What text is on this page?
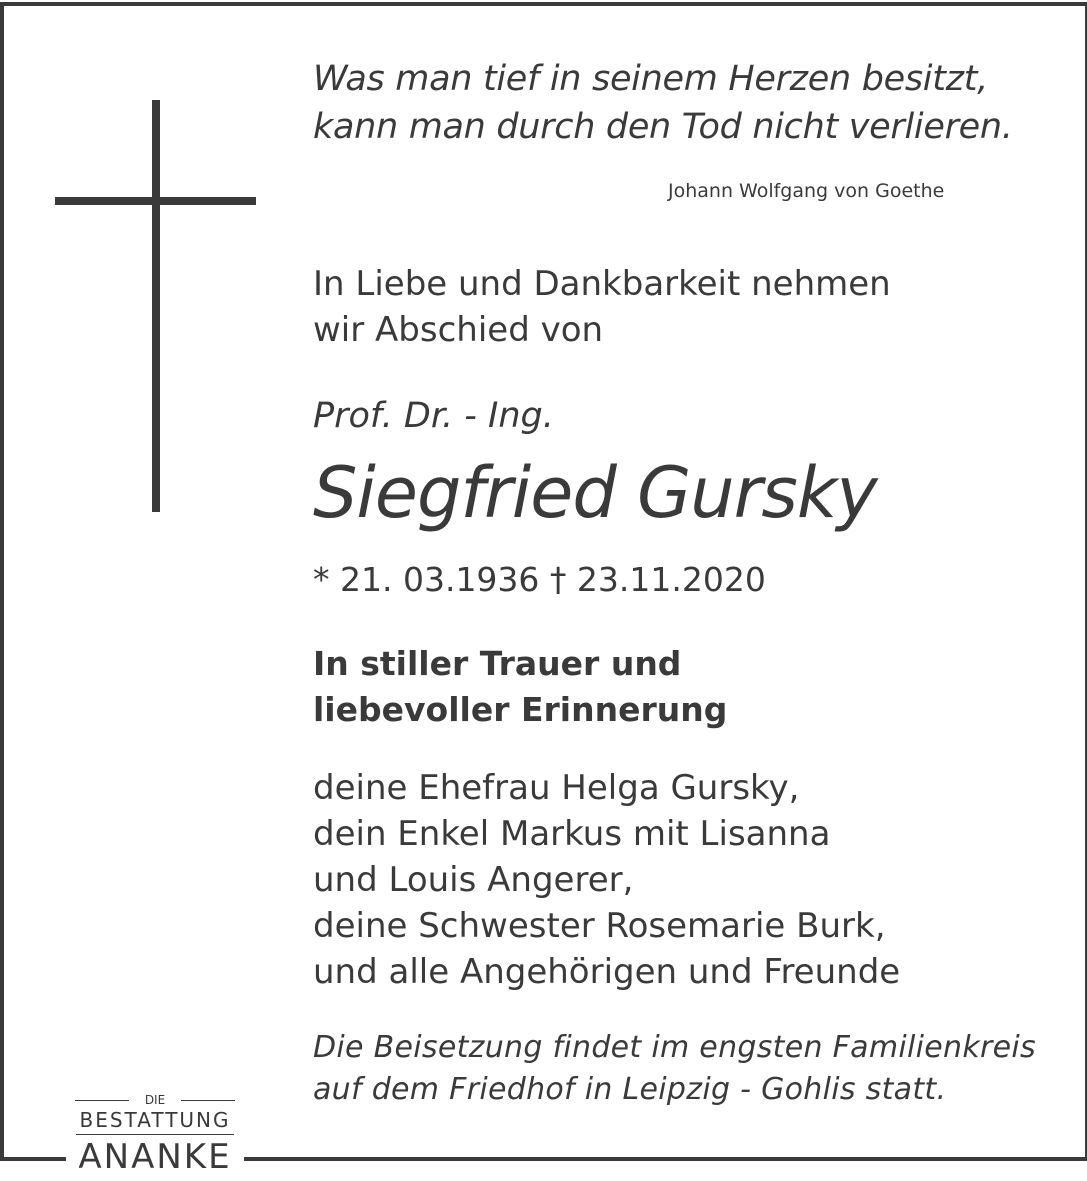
Was man tief in seinem Herzen besitzt,
kann man durch den Tod nicht verlieren.
Johann Wolfgang von Goethe
In Liebe und Dankbarkeit nehmen
wir Abschied von
Prof. Dr. - Ing.
Siegfried Gursky
* 21. 03.1936 † 23.11.2020
In stiller Trauer und
liebevoller Erinnerung
deine Ehefrau Helga Gursky,
dein Enkel Markus mit Lisanna
und Louis Angerer,
deine Schwester Rosemarie Burk,
und alle Angehörigen und Freunde
Die Beisetzung findet im engsten Familienkreis
auf dem Friedhof in Leipzig - Gohlis statt.
DIE
BESTATTUNG
ANANKE
